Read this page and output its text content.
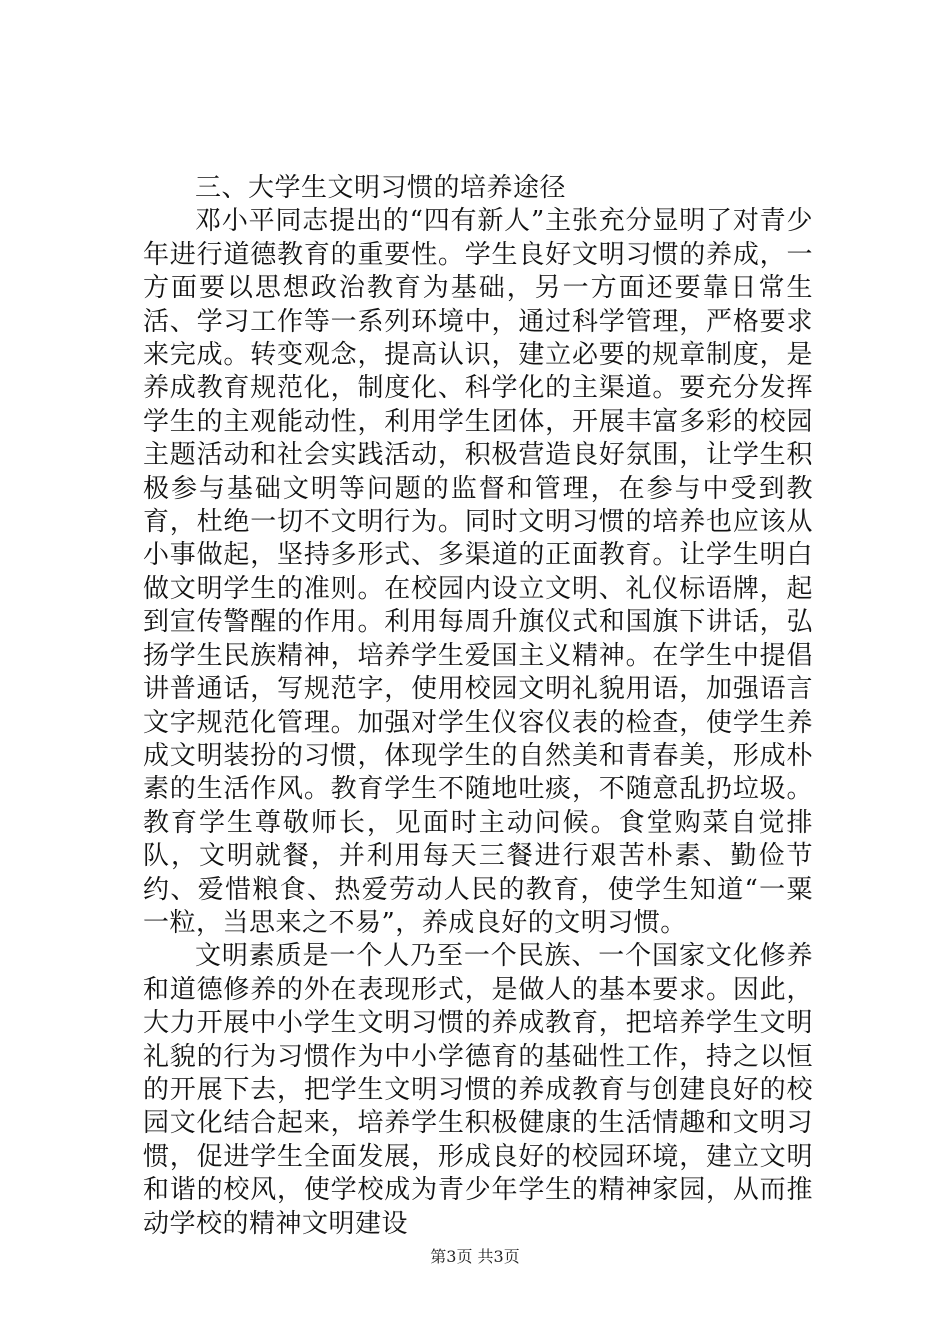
三、大学生文明习惯的培养途径

邓小平同志提出的“四有新人”主张充分显明了对青少年进行道德教育的重要性。学生良好文明习惯的养成，一方面要以思想政治教育为基础，另一方面还要靠日常生活、学习工作等一系列环境中，通过科学管理，严格要求来完成。转变观念，提高认识，建立必要的规章制度，是养成教育规范化，制度化、科学化的主渠道。要充分发挥学生的主观能动性，利用学生团体，开展丰富多彩的校园主题活动和社会实践活动，积极营造良好氛围，让学生积极参与基础文明等问题的监督和管理，在参与中受到教育，杜绝一切不文明行为。同时文明习惯的培养也应该从小事做起，坚持多形式、多渠道的正面教育。让学生明白做文明学生的准则。在校园内设立文明、礼仪标语牌，起到宣传警醒的作用。利用每周升旗仪式和国旗下讲话，弘扬学生民族精神，培养学生爱国主义精神。在学生中提倡讲普通话，写规范字，使用校园文明礼貌用语，加强语言文字规范化管理。加强对学生仪容仪表的检查，使学生养成文明装扮的习惯，体现学生的自然美和青春美，形成朴素的生活作风。教育学生不随地吐痰，不随意乱扔垃圾。教育学生尊敬师长，见面时主动问候。食堂购菜自觉排队，文明就餐，并利用每天三餐进行艰苦朴素、勤俭节约、爱惜粮食、热爱劳动人民的教育，使学生知道“一粟一粒，当思来之不易”，养成良好的文明习惯。

文明素质是一个人乃至一个民族、一个国家文化修养和道德修养的外在表现形式，是做人的基本要求。因此，大力开展中小学生文明习惯的养成教育，把培养学生文明礼貌的行为习惯作为中小学德育的基础性工作，持之以恒的开展下去，把学生文明习惯的养成教育与创建良好的校园文化结合起来，培养学生积极健康的生活情趣和文明习惯，促进学生全面发展，形成良好的校园环境，建立文明和谐的校风，使学校成为青少年学生的精神家园，从而推动学校的精神文明建设

第3页 共3页
